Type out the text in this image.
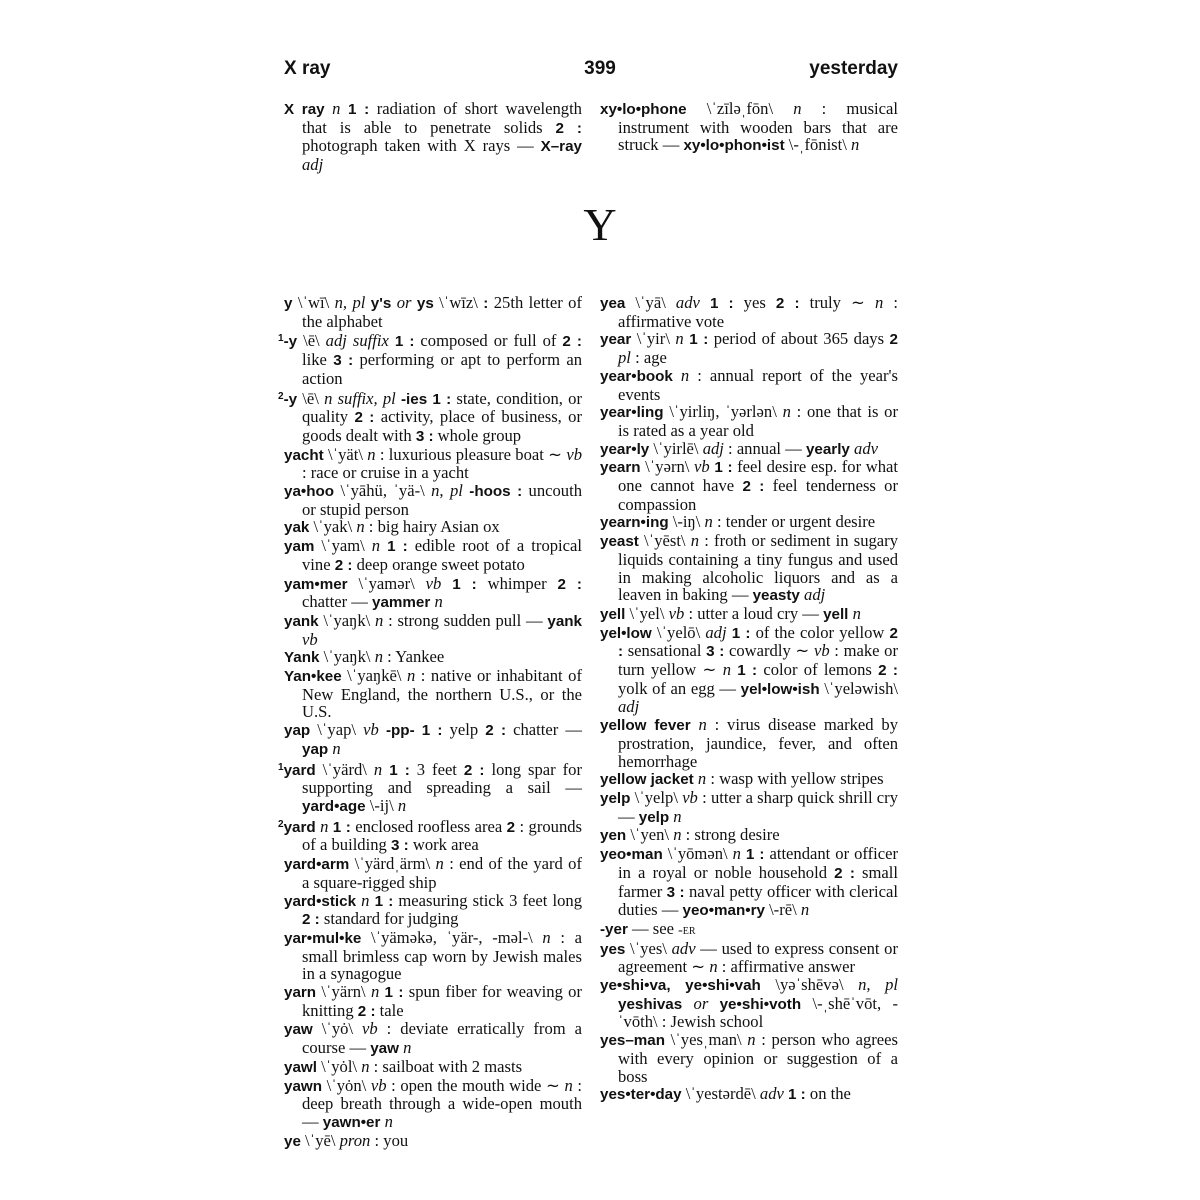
X ray	399	yesterday

X ray n 1 : radiation of short wavelength that is able to penetrate solids 2 : photograph taken with X rays — X–ray adj

xy•lo•phone \ˈzīləˌfōn\ n : musical instrument with wooden bars that are struck — xy•lo•phon•ist \-ˌfōnist\ n

Y

y \ˈwī\ n, pl y's or ys \ˈwīz\ : 25th letter of the alphabet

$^1$-y \ē\ adj suffix 1 : composed or full of 2 : like 3 : performing or apt to perform an action

$^2$-y \ē\ n suffix, pl -ies 1 : state, condition, or quality 2 : activity, place of business, or goods dealt with 3 : whole group

yacht \ˈyät\ n : luxurious pleasure boat ∼ vb : race or cruise in a yacht

ya•hoo \ˈyāhü, ˈyä-\ n, pl -hoos : uncouth or stupid person

yak \ˈyak\ n : big hairy Asian ox

yam \ˈyam\ n 1 : edible root of a tropical vine 2 : deep orange sweet potato

yam•mer \ˈyamər\ vb 1 : whimper 2 : chatter — yammer n

yank \ˈyaŋk\ n : strong sudden pull — yank vb

Yank \ˈyaŋk\ n : Yankee

Yan•kee \ˈyaŋkē\ n : native or inhabitant of New England, the northern U.S., or the U.S.

yap \ˈyap\ vb -pp- 1 : yelp 2 : chatter — yap n

$^1$yard \ˈyärd\ n 1 : 3 feet 2 : long spar for supporting and spreading a sail — yard•age \-ij\ n

$^2$yard n 1 : enclosed roofless area 2 : grounds of a building 3 : work area

yard•arm \ˈyärdˌärm\ n : end of the yard of a square-rigged ship

yard•stick n 1 : measuring stick 3 feet long 2 : standard for judging

yar•mul•ke \ˈyäməkə, ˈyär-, -məl-\ n : a small brimless cap worn by Jewish males in a synagogue

yarn \ˈyärn\ n 1 : spun fiber for weaving or knitting 2 : tale

yaw \ˈyȯ\ vb : deviate erratically from a course — yaw n

yawl \ˈyȯl\ n : sailboat with 2 masts

yawn \ˈyȯn\ vb : open the mouth wide ∼ n : deep breath through a wide-open mouth — yawn•er n

ye \ˈyē\ pron : you

yea \ˈyā\ adv 1 : yes 2 : truly ∼ n : affirmative vote

year \ˈyir\ n 1 : period of about 365 days 2 pl : age

year•book n : annual report of the year's events

year•ling \ˈyirliŋ, ˈyərlən\ n : one that is or is rated as a year old

year•ly \ˈyirlē\ adj : annual — yearly adv

yearn \ˈyərn\ vb 1 : feel desire esp. for what one cannot have 2 : feel tenderness or compassion

yearn•ing \-iŋ\ n : tender or urgent desire

yeast \ˈyēst\ n : froth or sediment in sugary liquids containing a tiny fungus and used in making alcoholic liquors and as a leaven in baking — yeasty adj

yell \ˈyel\ vb : utter a loud cry — yell n

yel•low \ˈyelō\ adj 1 : of the color yellow 2 : sensational 3 : cowardly ∼ vb : make or turn yellow ∼ n 1 : color of lemons 2 : yolk of an egg — yel•low•ish \ˈyeləwish\ adj

yellow fever n : virus disease marked by prostration, jaundice, fever, and often hemorrhage

yellow jacket n : wasp with yellow stripes

yelp \ˈyelp\ vb : utter a sharp quick shrill cry — yelp n

yen \ˈyen\ n : strong desire

yeo•man \ˈyōmən\ n 1 : attendant or officer in a royal or noble household 2 : small farmer 3 : naval petty officer with clerical duties — yeo•man•ry \-rē\ n

-yer — see -er

yes \ˈyes\ adv — used to express consent or agreement ∼ n : affirmative answer

ye•shi•va, ye•shi•vah \yəˈshēvə\ n, pl yeshivas or ye•shi•voth \-ˌshēˈvōt, -ˈvōth\ : Jewish school

yes–man \ˈyesˌman\ n : person who agrees with every opinion or suggestion of a boss

yes•ter•day \ˈyestərdē\ adv 1 : on the
